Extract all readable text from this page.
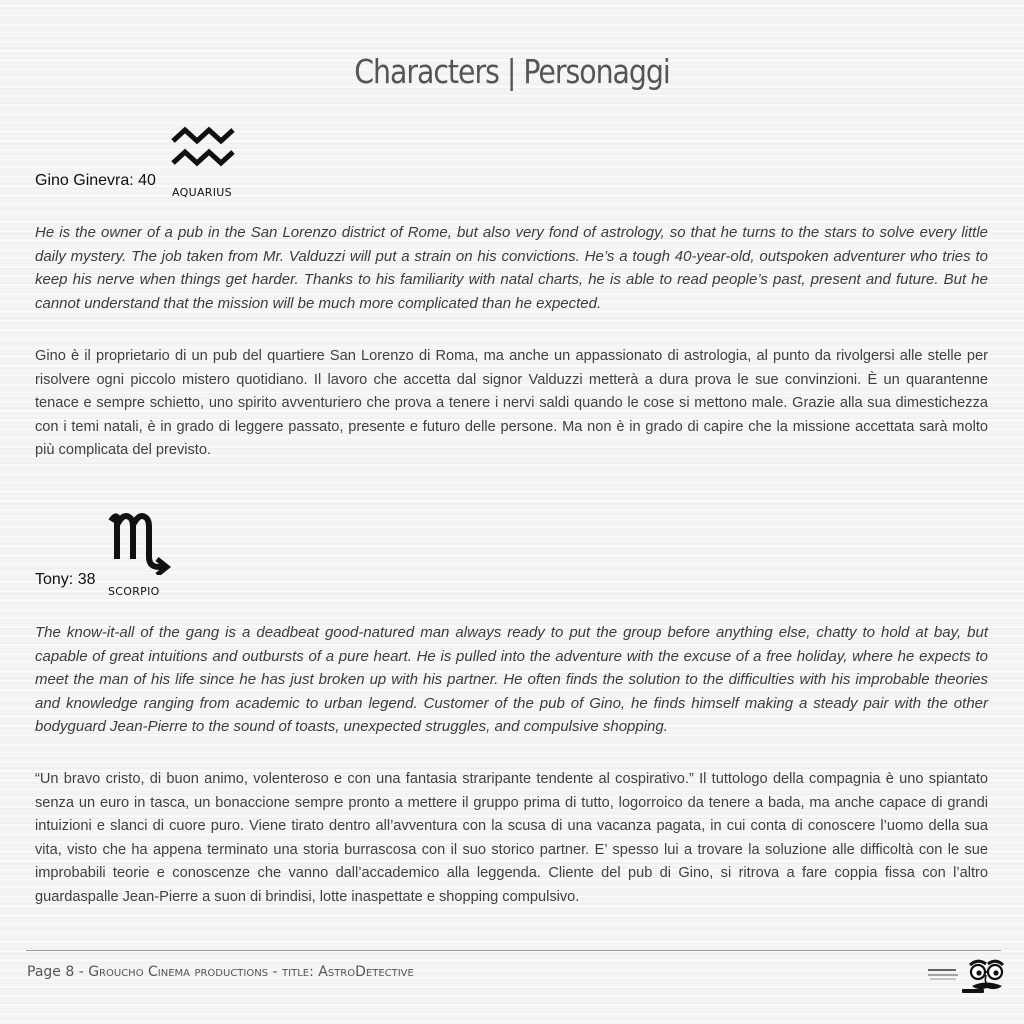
Characters | Personaggi
Gino Ginevra: 40
AQUARIUS

He is the owner of a pub in the San Lorenzo district of Rome, but also very fond of astrology, so that he turns to the stars to solve every little daily mystery. The job taken from Mr. Valduzzi will put a strain on his convictions. He’s a tough 40-year-old, outspoken adventurer who tries to keep his nerve when things get harder. Thanks to his familiarity with natal charts, he is able to read people’s past, present and future. But he cannot understand that the mission will be much more complicated than he expected.

Gino è il proprietario di un pub del quartiere San Lorenzo di Roma, ma anche un appassionato di astrologia, al punto da rivolgersi alle stelle per risolvere ogni piccolo mistero quotidiano. Il lavoro che accetta dal signor Valduzzi metterà a dura prova le sue convinzioni. È un quarantenne tenace e sempre schietto, uno spirito avventuriero che prova a tenere i nervi saldi quando le cose si mettono male. Grazie alla sua dimestichezza con i temi natali, è in grado di leggere passato, presente e futuro delle persone. Ma non è in grado di capire che la missione accettata sarà molto più complicata del previsto.

Tony: 38
SCORPIO

The know-it-all of the gang is a deadbeat good-natured man always ready to put the group before anything else, chatty to hold at bay, but capable of great intuitions and outbursts of a pure heart. He is pulled into the adventure with the excuse of a free holiday, where he expects to meet the man of his life since he has just broken up with his partner. He often finds the solution to the difficulties with his improbable theories and knowledge ranging from academic to urban legend. Customer of the pub of Gino, he finds himself making a steady pair with the other bodyguard Jean-Pierre to the sound of toasts, unexpected struggles, and compulsive shopping.

“Un bravo cristo, di buon animo, volenteroso e con una fantasia straripante tendente al cospirativo.” Il tuttologo della compagnia è uno spiantato senza un euro in tasca, un bonaccione sempre pronto a mettere il gruppo prima di tutto, logorroico da tenere a bada, ma anche capace di grandi intuizioni e slanci di cuore puro. Viene tirato dentro all’avventura con la scusa di una vacanza pagata, in cui conta di conoscere l’uomo della sua vita, visto che ha appena terminato una storia burrascosa con il suo storico partner. E’ spesso lui a trovare la soluzione alle difficoltà con le sue improbabili teorie e conoscenze che vanno dall’accademico alla leggenda. Cliente del pub di Gino, si ritrova a fare coppia fissa con l’altro guardaspalle Jean-Pierre a suon di brindisi, lotte inaspettate e shopping compulsivo.

Page 8 - Groucho Cinema productions - title: AstroDetective
